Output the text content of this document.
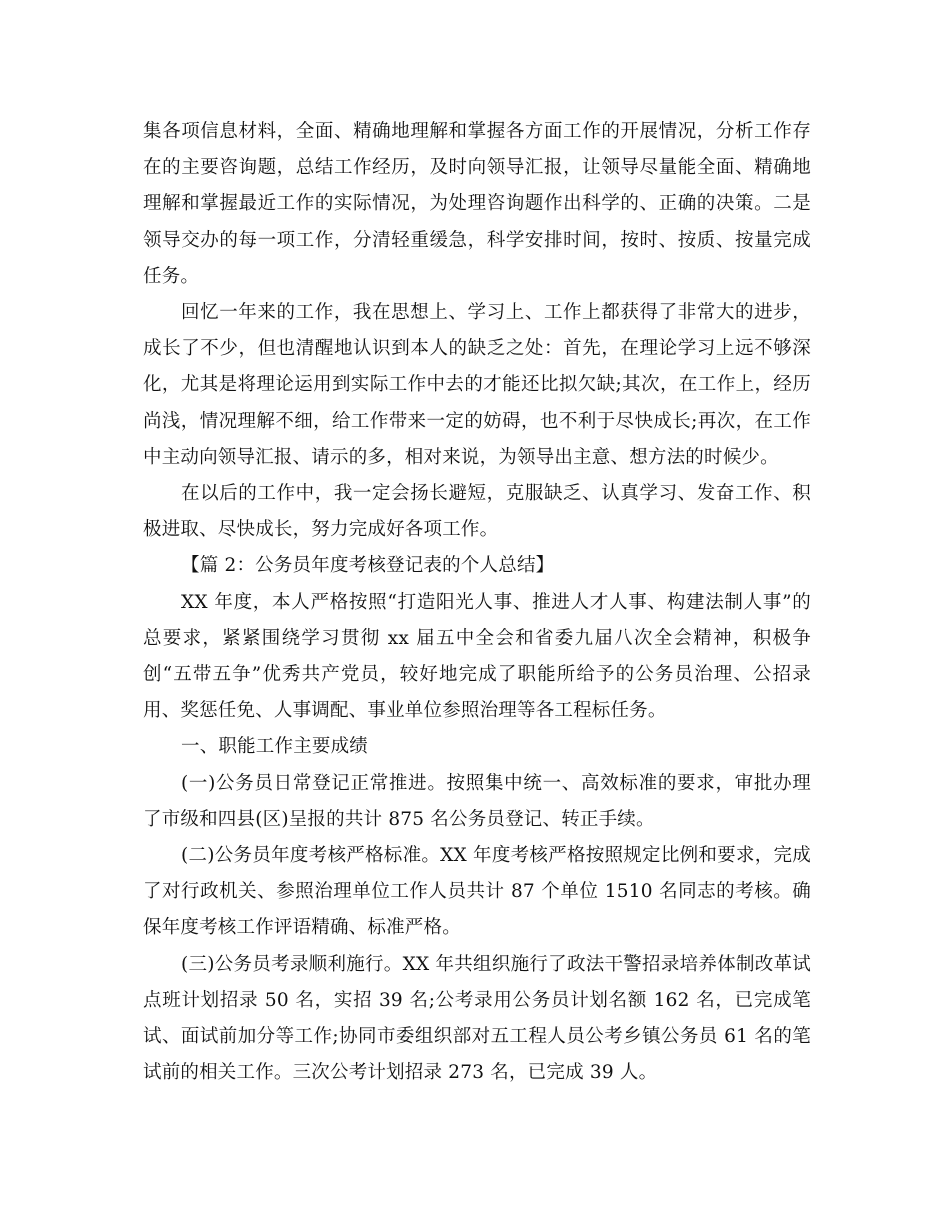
集各项信息材料，全面、精确地理解和掌握各方面工作的开展情况，分析工作存在的主要咨询题，总结工作经历，及时向领导汇报，让领导尽量能全面、精确地理解和掌握最近工作的实际情况，为处理咨询题作出科学的、正确的决策。二是领导交办的每一项工作，分清轻重缓急，科学安排时间，按时、按质、按量完成任务。

回忆一年来的工作，我在思想上、学习上、工作上都获得了非常大的进步，成长了不少，但也清醒地认识到本人的缺乏之处：首先，在理论学习上远不够深化，尤其是将理论运用到实际工作中去的才能还比拟欠缺;其次，在工作上，经历尚浅，情况理解不细，给工作带来一定的妨碍，也不利于尽快成长;再次，在工作中主动向领导汇报、请示的多，相对来说，为领导出主意、想方法的时候少。

在以后的工作中，我一定会扬长避短，克服缺乏、认真学习、发奋工作、积极进取、尽快成长，努力完成好各项工作。

【篇 2：公务员年度考核登记表的个人总结】

XX 年度，本人严格按照“打造阳光人事、推进人才人事、构建法制人事”的总要求，紧紧围绕学习贯彻 xx 届五中全会和省委九届八次全会精神，积极争创“五带五争”优秀共产党员，较好地完成了职能所给予的公务员治理、公招录用、奖惩任免、人事调配、事业单位参照治理等各工程标任务。

一、职能工作主要成绩

(一)公务员日常登记正常推进。按照集中统一、高效标准的要求，审批办理了市级和四县(区)呈报的共计 875 名公务员登记、转正手续。

(二)公务员年度考核严格标准。XX 年度考核严格按照规定比例和要求，完成了对行政机关、参照治理单位工作人员共计 87 个单位 1510 名同志的考核。确保年度考核工作评语精确、标准严格。

(三)公务员考录顺利施行。XX 年共组织施行了政法干警招录培养体制改革试点班计划招录 50 名，实招 39 名;公考录用公务员计划名额 162 名，已完成笔试、面试前加分等工作;协同市委组织部对五工程人员公考乡镇公务员 61 名的笔试前的相关工作。三次公考计划招录 273 名，已完成 39 人。
